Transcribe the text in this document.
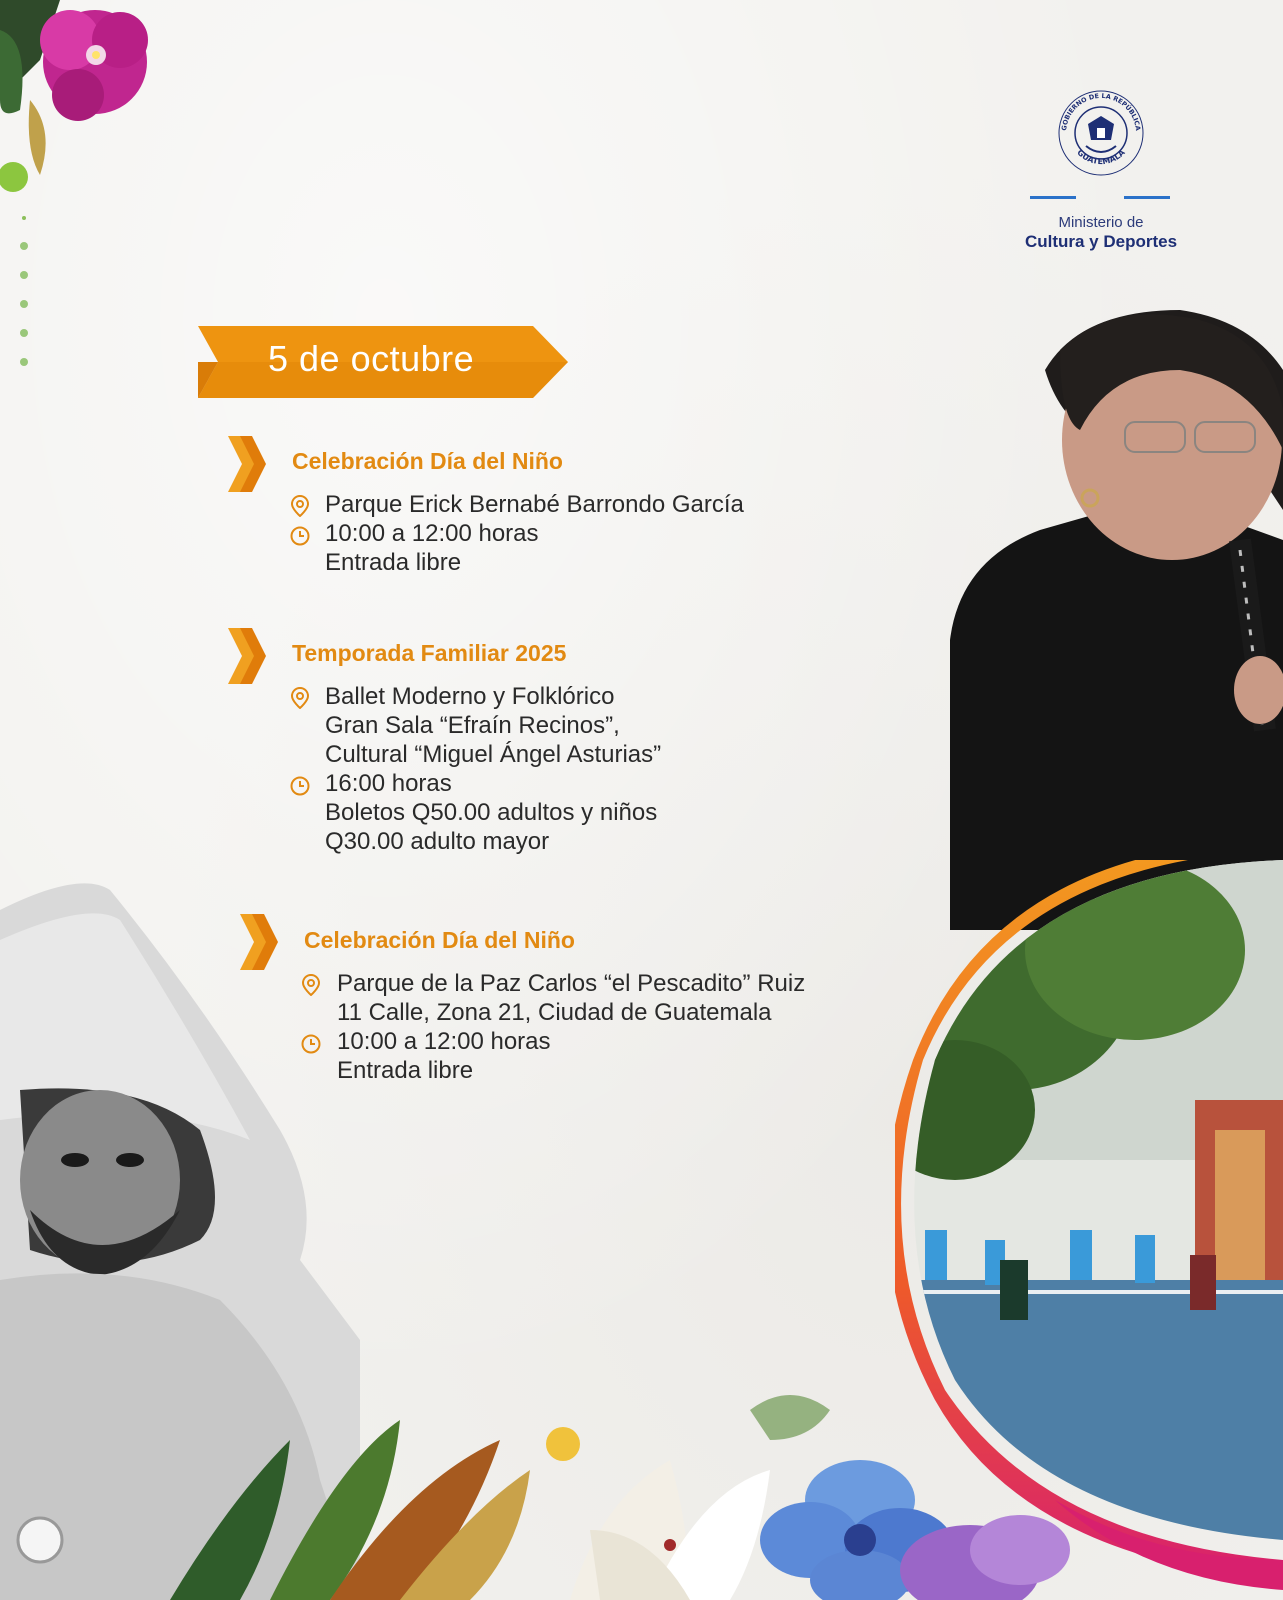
GOBIERNO DE LA REPÚBLICA
GUATEMALA
Ministerio de
Cultura y Deportes
5 de octubre
Celebración Día del Niño
Parque Erick Bernabé Barrondo García
10:00 a 12:00 horas
Entrada libre
Temporada Familiar 2025
Ballet Moderno y Folklórico
Gran Sala “Efraín Recinos”,
Cultural “Miguel Ángel Asturias”
16:00 horas
Boletos Q50.00 adultos y niños
Q30.00 adulto mayor
Celebración Día del Niño
Parque de la Paz Carlos “el Pescadito” Ruiz
11 Calle, Zona 21, Ciudad de Guatemala
10:00 a 12:00 horas
Entrada libre
